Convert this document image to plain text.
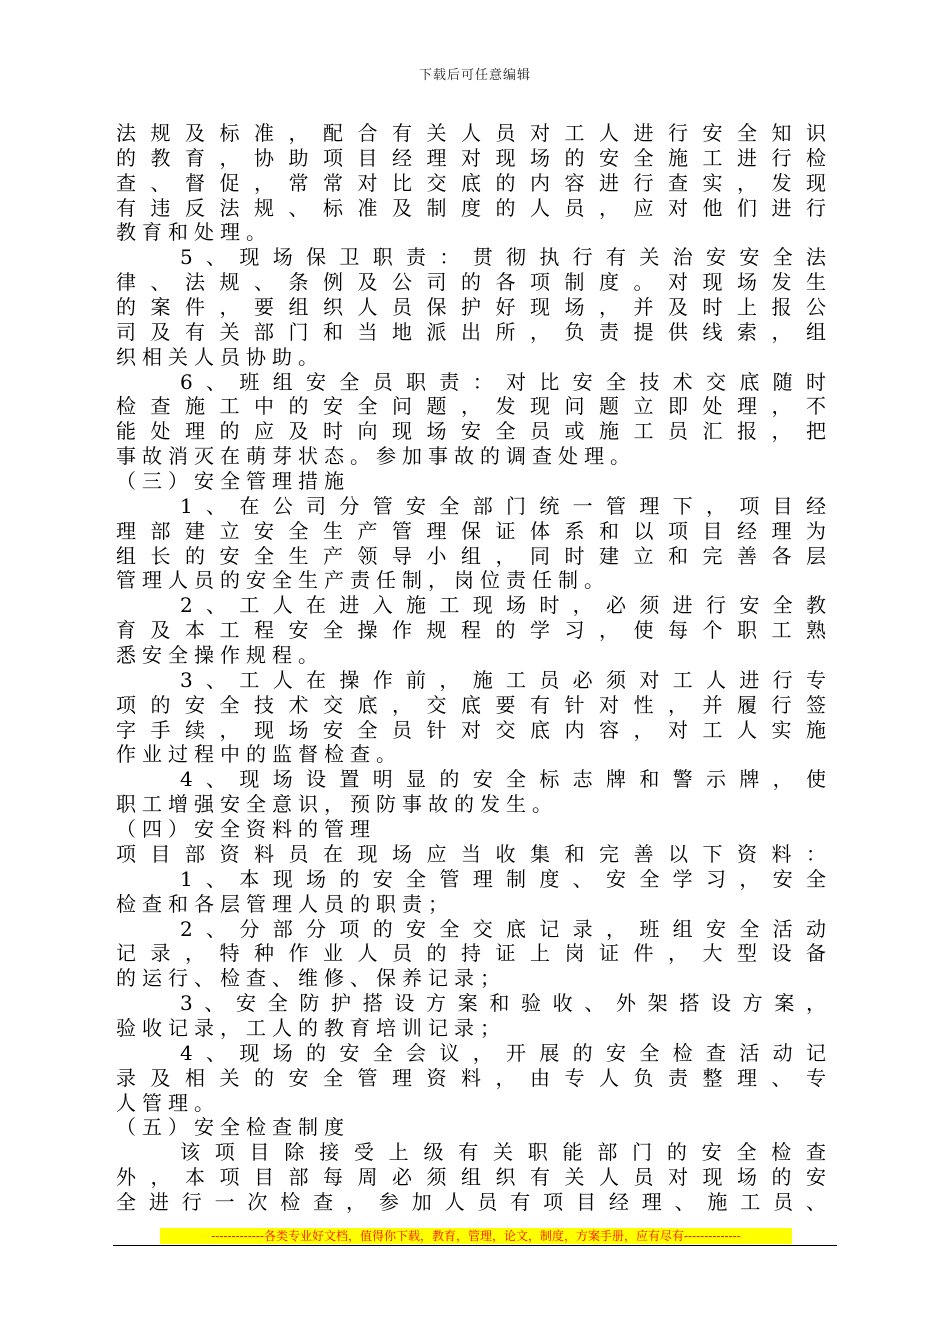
下载后可任意编辑
法规及标准，配合有关人员对工人进行安全知识
的教育，协助项目经理对现场的安全施工进行检
查、督促，常常对比交底的内容进行查实，发现
有违反法规、标准及制度的人员，应对他们进行
教育和处理。
5、现场保卫职责：贯彻执行有关治安安全法
律、法规、条例及公司的各项制度。对现场发生
的案件，要组织人员保护好现场，并及时上报公
司及有关部门和当地派出所，负责提供线索，组
织相关人员协助。
6、班组安全员职责：对比安全技术交底随时
检查施工中的安全问题，发现问题立即处理，不
能处理的应及时向现场安全员或施工员汇报，把
事故消灭在萌芽状态。参加事故的调查处理。
（三）安全管理措施
1、在公司分管安全部门统一管理下，项目经
理部建立安全生产管理保证体系和以项目经理为
组长的安全生产领导小组，同时建立和完善各层
管理人员的安全生产责任制，岗位责任制。
2、工人在进入施工现场时，必须进行安全教
育及本工程安全操作规程的学习，使每个职工熟
悉安全操作规程。
3、工人在操作前，施工员必须对工人进行专
项的安全技术交底，交底要有针对性，并履行签
字手续，现场安全员针对交底内容，对工人实施
作业过程中的监督检查。
4、现场设置明显的安全标志牌和警示牌，使
职工增强安全意识，预防事故的发生。
（四）安全资料的管理
项目部资料员在现场应当收集和完善以下资料：
1、本现场的安全管理制度、安全学习，安全
检查和各层管理人员的职责；
2、分部分项的安全交底记录，班组安全活动
记录，特种作业人员的持证上岗证件，大型设备
的运行、检查、维修、保养记录；
3、安全防护搭设方案和验收、外架搭设方案，
验收记录，工人的教育培训记录；
4、现场的安全会议，开展的安全检查活动记
录及相关的安全管理资料，由专人负责整理、专
人管理。
（五）安全检查制度
该项目除接受上级有关职能部门的安全检查
外，本项目部每周必须组织有关人员对现场的安
全进行一次检查，参加人员有项目经理、施工员、
-------------各类专业好文档，值得你下载，教育，管理，论文，制度，方案手册，应有尽有--------------
